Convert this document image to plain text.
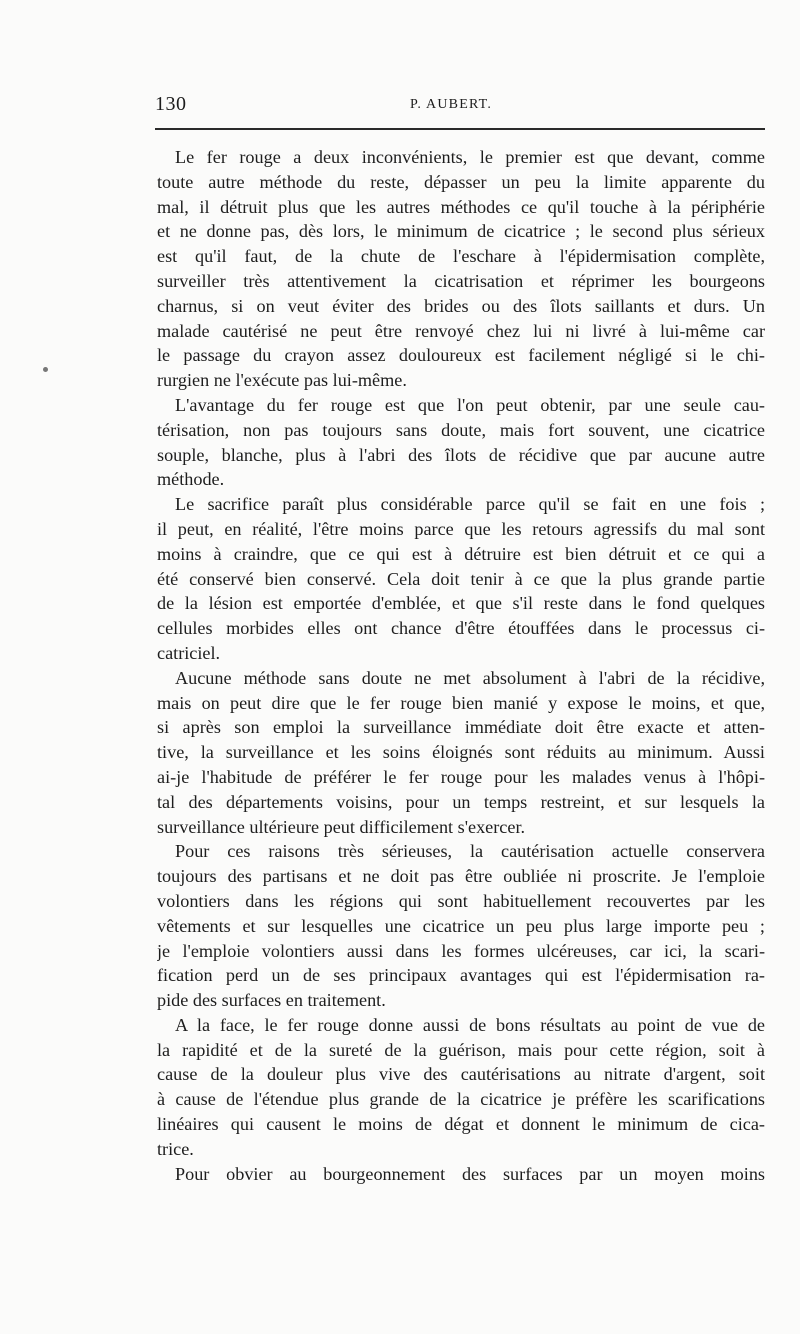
130	P. AUBERT.
Le fer rouge a deux inconvénients, le premier est que devant, comme
toute autre méthode du reste, dépasser un peu la limite apparente du
mal, il détruit plus que les autres méthodes ce qu'il touche à la périphérie
et ne donne pas, dès lors, le minimum de cicatrice ; le second plus sérieux
est qu'il faut, de la chute de l'eschare à l'épidermisation complète,
surveiller très attentivement la cicatrisation et réprimer les bourgeons
charnus, si on veut éviter des brides ou des îlots saillants et durs. Un
malade cautérisé ne peut être renvoyé chez lui ni livré à lui-même car
le passage du crayon assez douloureux est facilement négligé si le chi-
rurgien ne l'exécute pas lui-même.
L'avantage du fer rouge est que l'on peut obtenir, par une seule cau-
térisation, non pas toujours sans doute, mais fort souvent, une cicatrice
souple, blanche, plus à l'abri des îlots de récidive que par aucune autre
méthode.
Le sacrifice paraît plus considérable parce qu'il se fait en une fois ;
il peut, en réalité, l'être moins parce que les retours agressifs du mal sont
moins à craindre, que ce qui est à détruire est bien détruit et ce qui a
été conservé bien conservé. Cela doit tenir à ce que la plus grande partie
de la lésion est emportée d'emblée, et que s'il reste dans le fond quelques
cellules morbides elles ont chance d'être étouffées dans le processus ci-
catriciel.
Aucune méthode sans doute ne met absolument à l'abri de la récidive,
mais on peut dire que le fer rouge bien manié y expose le moins, et que,
si après son emploi la surveillance immédiate doit être exacte et atten-
tive, la surveillance et les soins éloignés sont réduits au minimum. Aussi
ai-je l'habitude de préférer le fer rouge pour les malades venus à l'hôpi-
tal des départements voisins, pour un temps restreint, et sur lesquels la
surveillance ultérieure peut difficilement s'exercer.
Pour ces raisons très sérieuses, la cautérisation actuelle conservera
toujours des partisans et ne doit pas être oubliée ni proscrite. Je l'emploie
volontiers dans les régions qui sont habituellement recouvertes par les
vêtements et sur lesquelles une cicatrice un peu plus large importe peu ;
je l'emploie volontiers aussi dans les formes ulcéreuses, car ici, la scari-
fication perd un de ses principaux avantages qui est l'épidermisation ra-
pide des surfaces en traitement.
A la face, le fer rouge donne aussi de bons résultats au point de vue de
la rapidité et de la sureté de la guérison, mais pour cette région, soit à
cause de la douleur plus vive des cautérisations au nitrate d'argent, soit
à cause de l'étendue plus grande de la cicatrice je préfère les scarifications
linéaires qui causent le moins de dégat et donnent le minimum de cica-
trice.
Pour obvier au bourgeonnement des surfaces par un moyen moins
